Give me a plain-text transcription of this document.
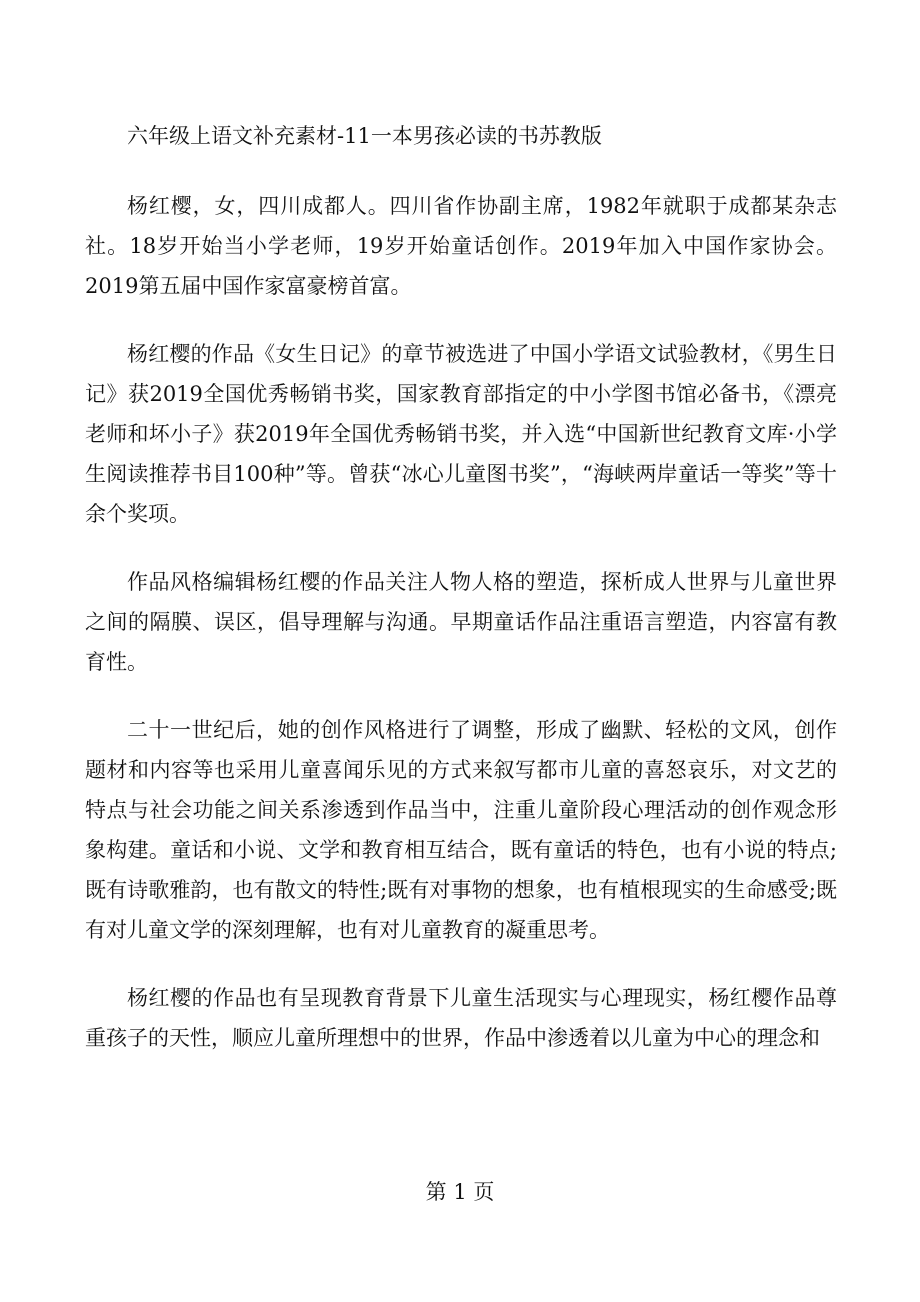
六年级上语文补充素材-11一本男孩必读的书苏教版

杨红樱，女，四川成都人。四川省作协副主席，1982年就职于成都某杂志社。18岁开始当小学老师，19岁开始童话创作。2019年加入中国作家协会。2019第五届中国作家富豪榜首富。

杨红樱的作品《女生日记》的章节被选进了中国小学语文试验教材，《男生日记》获2019全国优秀畅销书奖，国家教育部指定的中小学图书馆必备书，《漂亮老师和坏小子》获2019年全国优秀畅销书奖，并入选“中国新世纪教育文库·小学生阅读推荐书目100种”等。曾获“冰心儿童图书奖”，“海峡两岸童话一等奖”等十余个奖项。

作品风格编辑杨红樱的作品关注人物人格的塑造，探析成人世界与儿童世界之间的隔膜、误区，倡导理解与沟通。早期童话作品注重语言塑造，内容富有教育性。

二十一世纪后，她的创作风格进行了调整，形成了幽默、轻松的文风，创作题材和内容等也采用儿童喜闻乐见的方式来叙写都市儿童的喜怒哀乐，对文艺的特点与社会功能之间关系渗透到作品当中，注重儿童阶段心理活动的创作观念形象构建。童话和小说、文学和教育相互结合，既有童话的特色，也有小说的特点;既有诗歌雅韵，也有散文的特性;既有对事物的想象，也有植根现实的生命感受;既有对儿童文学的深刻理解，也有对儿童教育的凝重思考。

杨红樱的作品也有呈现教育背景下儿童生活现实与心理现实，杨红樱作品尊重孩子的天性，顺应儿童所理想中的世界，作品中渗透着以儿童为中心的理念和

第 1 页
